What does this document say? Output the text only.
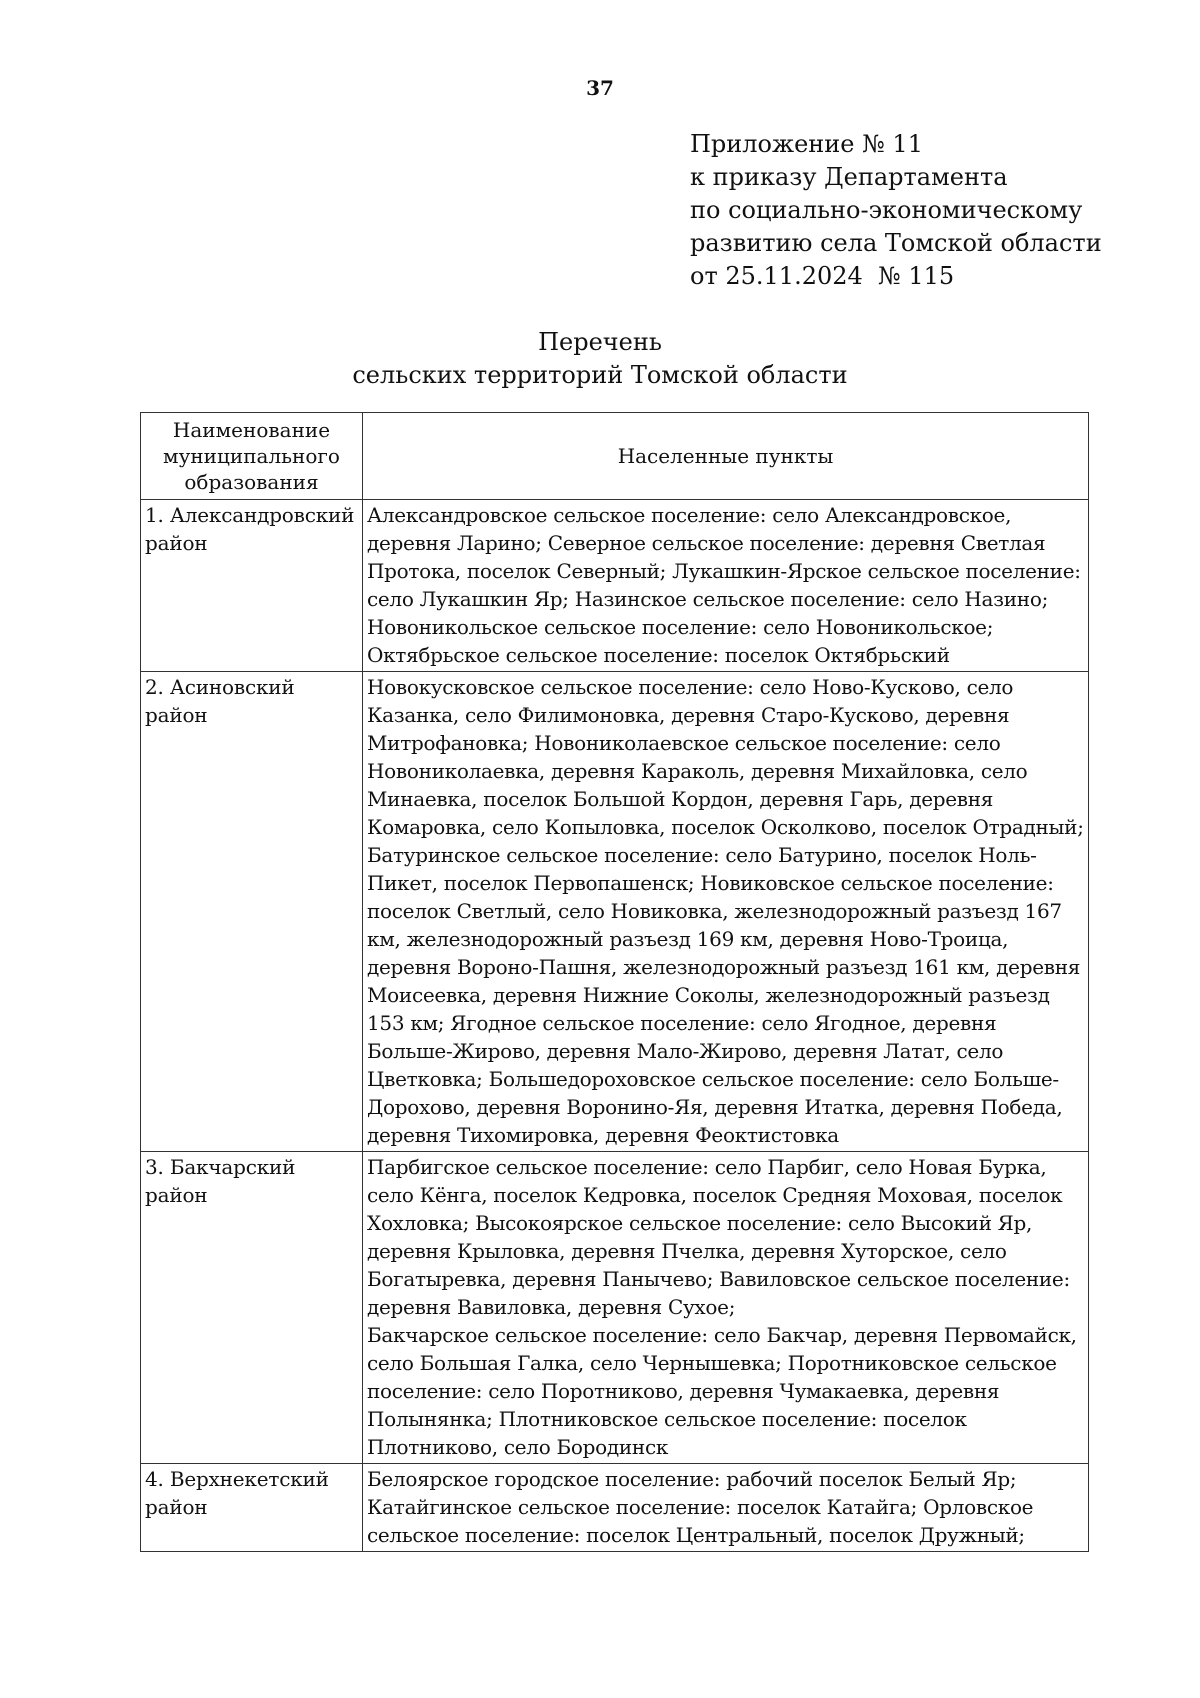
37
Приложение № 11
к приказу Департамента
по социально-экономическому
развитию села Томской области
от 25.11.2024  № 115
Перечень
сельских территорий Томской области
Наименование муниципального образования	Населенные пункты
1. Александровский район	Александровское сельское поселение: село Александровское, деревня Ларино; Северное сельское поселение: деревня Светлая Протока, поселок Северный; Лукашкин-Ярское сельское поселение: село Лукашкин Яр; Назинское сельское поселение: село Назино; Новоникольское сельское поселение: село Новоникольское; Октябрьское сельское поселение: поселок Октябрьский

2. Асиновский район	Новокусковское сельское поселение: село Ново-Кусково, село Казанка, село Филимоновка, деревня Старо-Кусково, деревня Митрофановка; Новониколаевское сельское поселение: село Новониколаевка, деревня Караколь, деревня Михайловка, село Минаевка, поселок Большой Кордон, деревня Гарь, деревня Комаровка, село Копыловка, поселок Осколково, поселок Отрадный; Батуринское сельское поселение: село Батурино, поселок Ноль-Пикет, поселок Первопашенск; Новиковское сельское поселение: поселок Светлый, село Новиковка, железнодорожный разъезд 167 км, железнодорожный разъезд 169 км, деревня Ново-Троица, деревня Вороно-Пашня, железнодорожный разъезд 161 км, деревня Моисеевка, деревня Нижние Соколы, железнодорожный разъезд 153 км; Ягодное сельское поселение: село Ягодное, деревня Больше-Жирово, деревня Мало-Жирово, деревня Латат, село Цветковка; Большедороховское сельское поселение: село Больше-Дорохово, деревня Воронино-Яя, деревня Итатка, деревня Победа, деревня Тихомировка, деревня Феоктистовка

3. Бакчарский район	Парбигское сельское поселение: село Парбиг, село Новая Бурка, село Кёнга, поселок Кедровка, поселок Средняя Моховая, поселок Хохловка; Высокоярское сельское поселение: село Высокий Яр, деревня Крыловка, деревня Пчелка, деревня Хуторское, село Богатыревка, деревня Панычево; Вавиловское сельское поселение: деревня Вавиловка, деревня Сухое;
Бакчарское сельское поселение: село Бакчар, деревня Первомайск, село Большая Галка, село Чернышевка; Поротниковское сельское поселение: село Поротниково, деревня Чумакаевка, деревня Полынянка; Плотниковское сельское поселение: поселок Плотниково, село Бородинск

4. Верхнекетский район	Белоярское городское поселение: рабочий поселок Белый Яр; Катайгинское сельское поселение: поселок Катайга; Орловское сельское поселение: поселок Центральный, поселок Дружный;
